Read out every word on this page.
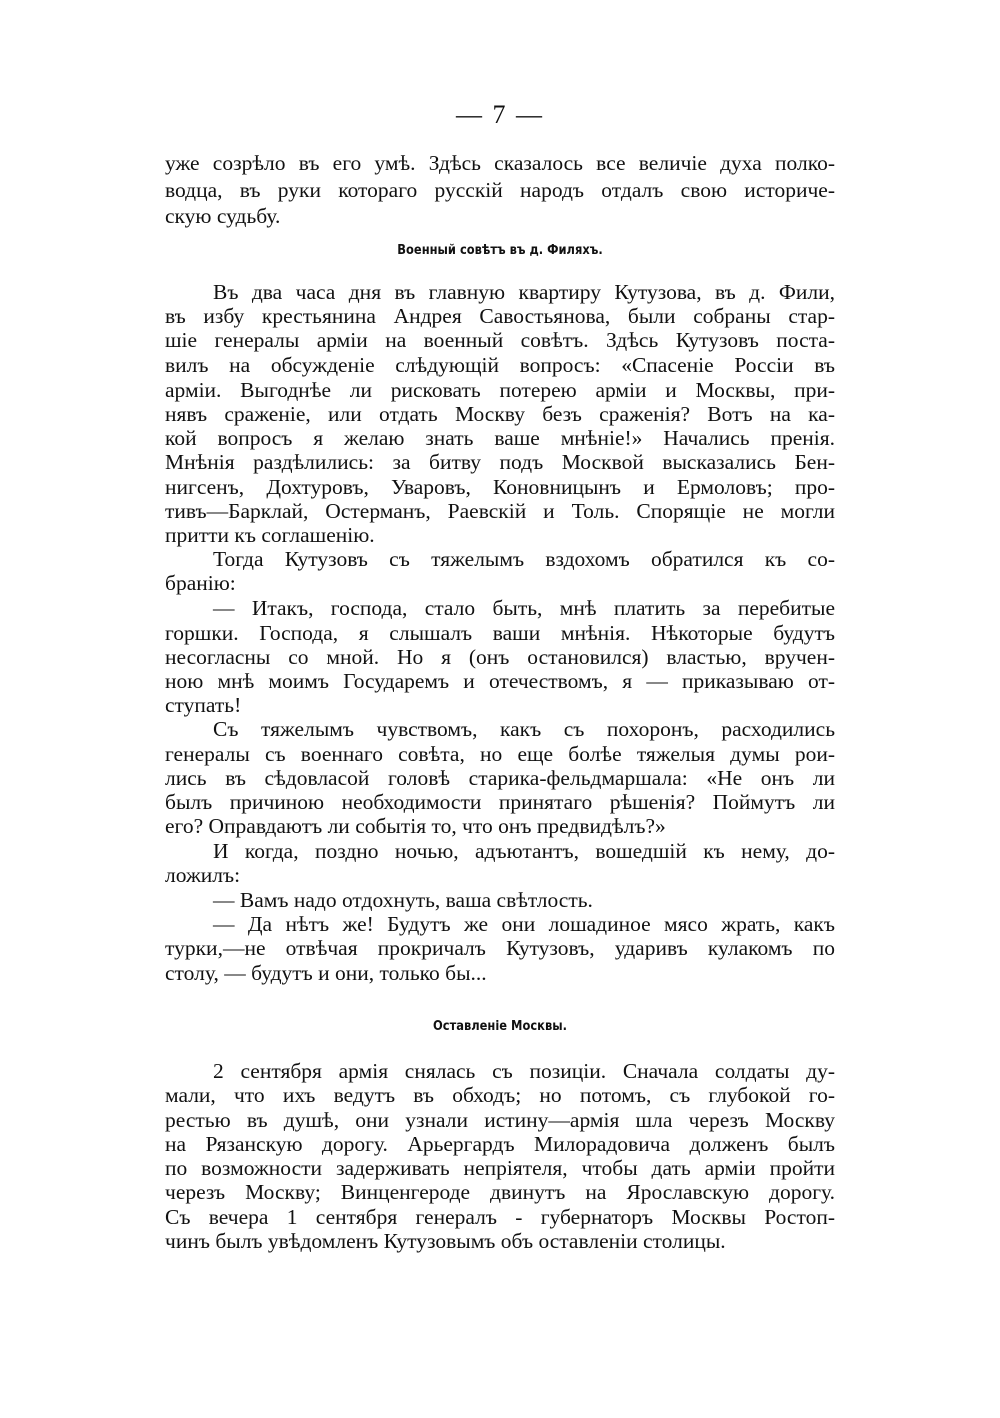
— 7 —
уже созрѣло въ его умѣ. Здѣсь сказалось все величіе духа полко-
водца, въ руки котораго русскій народъ отдалъ свою историче-
скую судьбу.
Военный совѣтъ въ д. Филяхъ.
Въ два часа дня въ главную квартиру Кутузова, въ д. Фили,
въ избу крестьянина Андрея Савостьянова, были собраны стар-
шіе генералы арміи на военный совѣтъ. Здѣсь Кутузовъ поста-
вилъ на обсужденіе слѣдующій вопросъ: «Спасеніе Россіи въ
арміи. Выгоднѣе ли рисковать потерею арміи и Москвы, при-
нявъ сраженіе, или отдать Москву безъ сраженія? Вотъ на ка-
кой вопросъ я желаю знать ваше мнѣніе!» Начались пренія.
Мнѣнія раздѣлились: за битву подъ Москвой высказались Бен-
нигсенъ, Дохтуровъ, Уваровъ, Коновницынъ и Ермоловъ; про-
тивъ—Барклай, Остерманъ, Раевскій и Толь. Спорящіе не могли
притти къ соглашенію.
Тогда Кутузовъ съ тяжелымъ вздохомъ обратился къ со-
бранію:
— Итакъ, господа, стало быть, мнѣ платить за перебитые
горшки. Господа, я слышалъ ваши мнѣнія. Нѣкоторые будутъ
несогласны со мной. Но я (онъ остановился) властью, вручен-
ною мнѣ моимъ Государемъ и отечествомъ, я — приказываю от-
ступать!
Съ тяжелымъ чувствомъ, какъ съ похоронъ, расходились
генералы съ военнаго совѣта, но еще болѣе тяжелыя думы рои-
лись въ сѣдовласой головѣ старика-фельдмаршала: «Не онъ ли
былъ причиною необходимости принятаго рѣшенія? Поймутъ ли
его? Оправдаютъ ли событія то, что онъ предвидѣлъ?»
И когда, поздно ночью, адъютантъ, вошедшій къ нему, до-
ложилъ:
— Вамъ надо отдохнуть, ваша свѣтлость.
— Да нѣтъ же! Будутъ же они лошадиное мясо жрать, какъ
турки,—не отвѣчая прокричалъ Кутузовъ, ударивъ кулакомъ по
столу, — будутъ и они, только бы...
Оставленіе Москвы.
2 сентября армія снялась съ позиціи. Сначала солдаты ду-
мали, что ихъ ведутъ въ обходъ; но потомъ, съ глубокой го-
рестью въ душѣ, они узнали истину—армія шла черезъ Москву
на Рязанскую дорогу. Арьергардъ Милорадовича долженъ былъ
по возможности задерживать непріятеля, чтобы дать арміи пройти
черезъ Москву; Винценгероде двинутъ на Ярославскую дорогу.
Съ вечера 1 сентября генералъ - губернаторъ Москвы Ростоп-
чинъ былъ увѣдомленъ Кутузовымъ объ оставленіи столицы.
